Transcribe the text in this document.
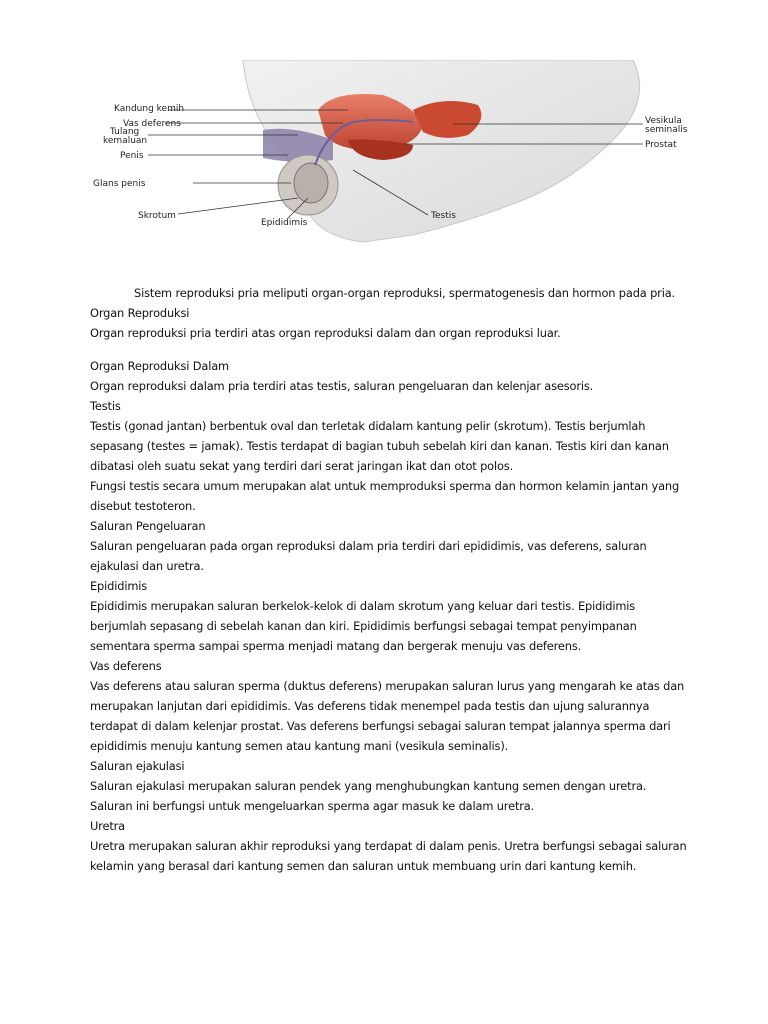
Kandung kemih
Vas deferens
Tulang
kemaluan
Penis
Glans penis
Skrotum
Epididimis
Testis
Vesikula
seminalis
Prostat

Sistem reproduksi pria meliputi organ-organ reproduksi, spermatogenesis dan hormon pada pria.

Organ Reproduksi

Organ reproduksi pria terdiri atas organ reproduksi dalam dan organ reproduksi luar.

Organ Reproduksi Dalam

Organ reproduksi dalam pria terdiri atas testis, saluran pengeluaran dan kelenjar asesoris.

Testis

Testis (gonad jantan) berbentuk oval dan terletak didalam kantung pelir (skrotum). Testis berjumlah sepasang (testes = jamak). Testis terdapat di bagian tubuh sebelah kiri dan kanan. Testis kiri dan kanan dibatasi oleh suatu sekat yang terdiri dari serat jaringan ikat dan otot polos.

Fungsi testis secara umum merupakan alat untuk memproduksi sperma dan hormon kelamin jantan yang disebut testoteron.

Saluran Pengeluaran

Saluran pengeluaran pada organ reproduksi dalam pria terdiri dari epididimis, vas deferens, saluran ejakulasi dan uretra.

Epididimis

Epididimis merupakan saluran berkelok-kelok di dalam skrotum yang keluar dari testis. Epididimis berjumlah sepasang di sebelah kanan dan kiri. Epididimis berfungsi sebagai tempat penyimpanan sementara sperma sampai sperma menjadi matang dan bergerak menuju vas deferens.

Vas deferens

Vas deferens atau saluran sperma (duktus deferens) merupakan saluran lurus yang mengarah ke atas dan merupakan lanjutan dari epididimis. Vas deferens tidak menempel pada testis dan ujung salurannya terdapat di dalam kelenjar prostat. Vas deferens berfungsi sebagai saluran tempat jalannya sperma dari epididimis menuju kantung semen atau kantung mani (vesikula seminalis).

Saluran ejakulasi

Saluran ejakulasi merupakan saluran pendek yang menghubungkan kantung semen dengan uretra. Saluran ini berfungsi untuk mengeluarkan sperma agar masuk ke dalam uretra.

Uretra

Uretra merupakan saluran akhir reproduksi yang terdapat di dalam penis. Uretra berfungsi sebagai saluran kelamin yang berasal dari kantung semen dan saluran untuk membuang urin dari kantung kemih.
